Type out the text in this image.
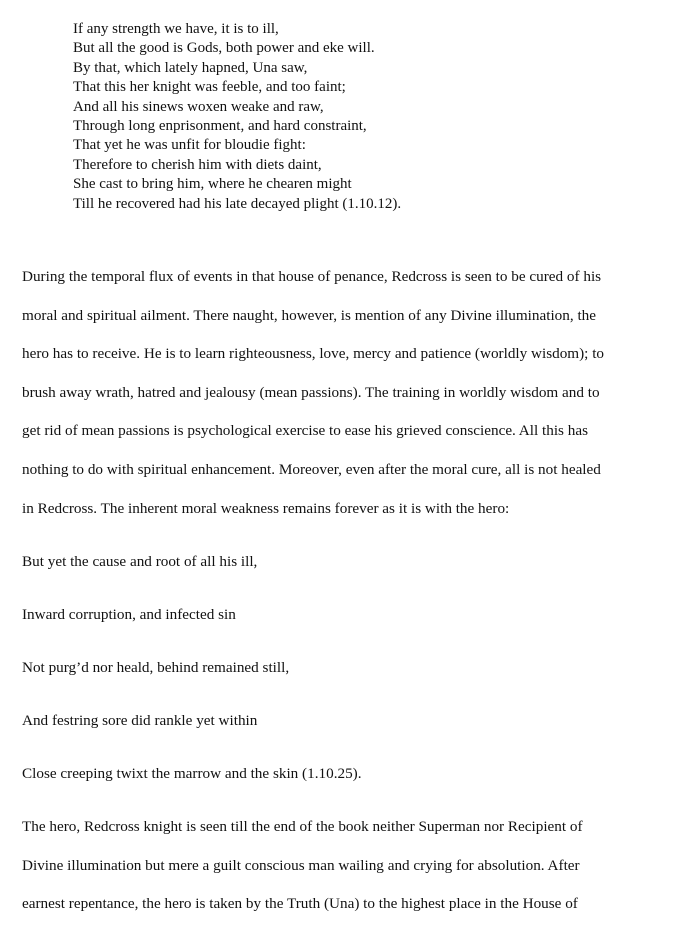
If any strength we have, it is to ill,
But all the good is Gods, both power and eke will.
By that, which lately hapned, Una saw,
That this her knight was feeble, and too faint;
And all his sinews woxen weake and raw,
Through long enprisonment, and hard constraint,
That yet he was unfit for bloudie fight:
Therefore to cherish him with diets daint,
She cast to bring him, where he chearen might
Till he recovered had his late decayed plight (1.10.12).
During the temporal flux of events in that house of penance, Redcross is seen to be cured of his
moral and spiritual ailment. There naught, however, is mention of any Divine illumination, the
hero has to receive. He is to learn righteousness, love, mercy and patience (worldly wisdom); to
brush away wrath, hatred and jealousy (mean passions). The training in worldly wisdom and to
get rid of mean passions is psychological exercise to ease his grieved conscience. All this has
nothing to do with spiritual enhancement. Moreover, even after the moral cure, all is not healed
in Redcross. The inherent moral weakness remains forever as it is with the hero:
But yet the cause and root of all his ill,
Inward corruption, and infected sin
Not purg’d nor heald, behind remained still,
And festring sore did rankle yet within
Close creeping twixt the marrow and the skin (1.10.25).
The hero, Redcross knight is seen till the end of the book neither Superman nor Recipient of
Divine illumination but mere a guilt conscious man wailing and crying for absolution. After
earnest repentance, the hero is taken by the Truth (Una) to the highest place in the House of
